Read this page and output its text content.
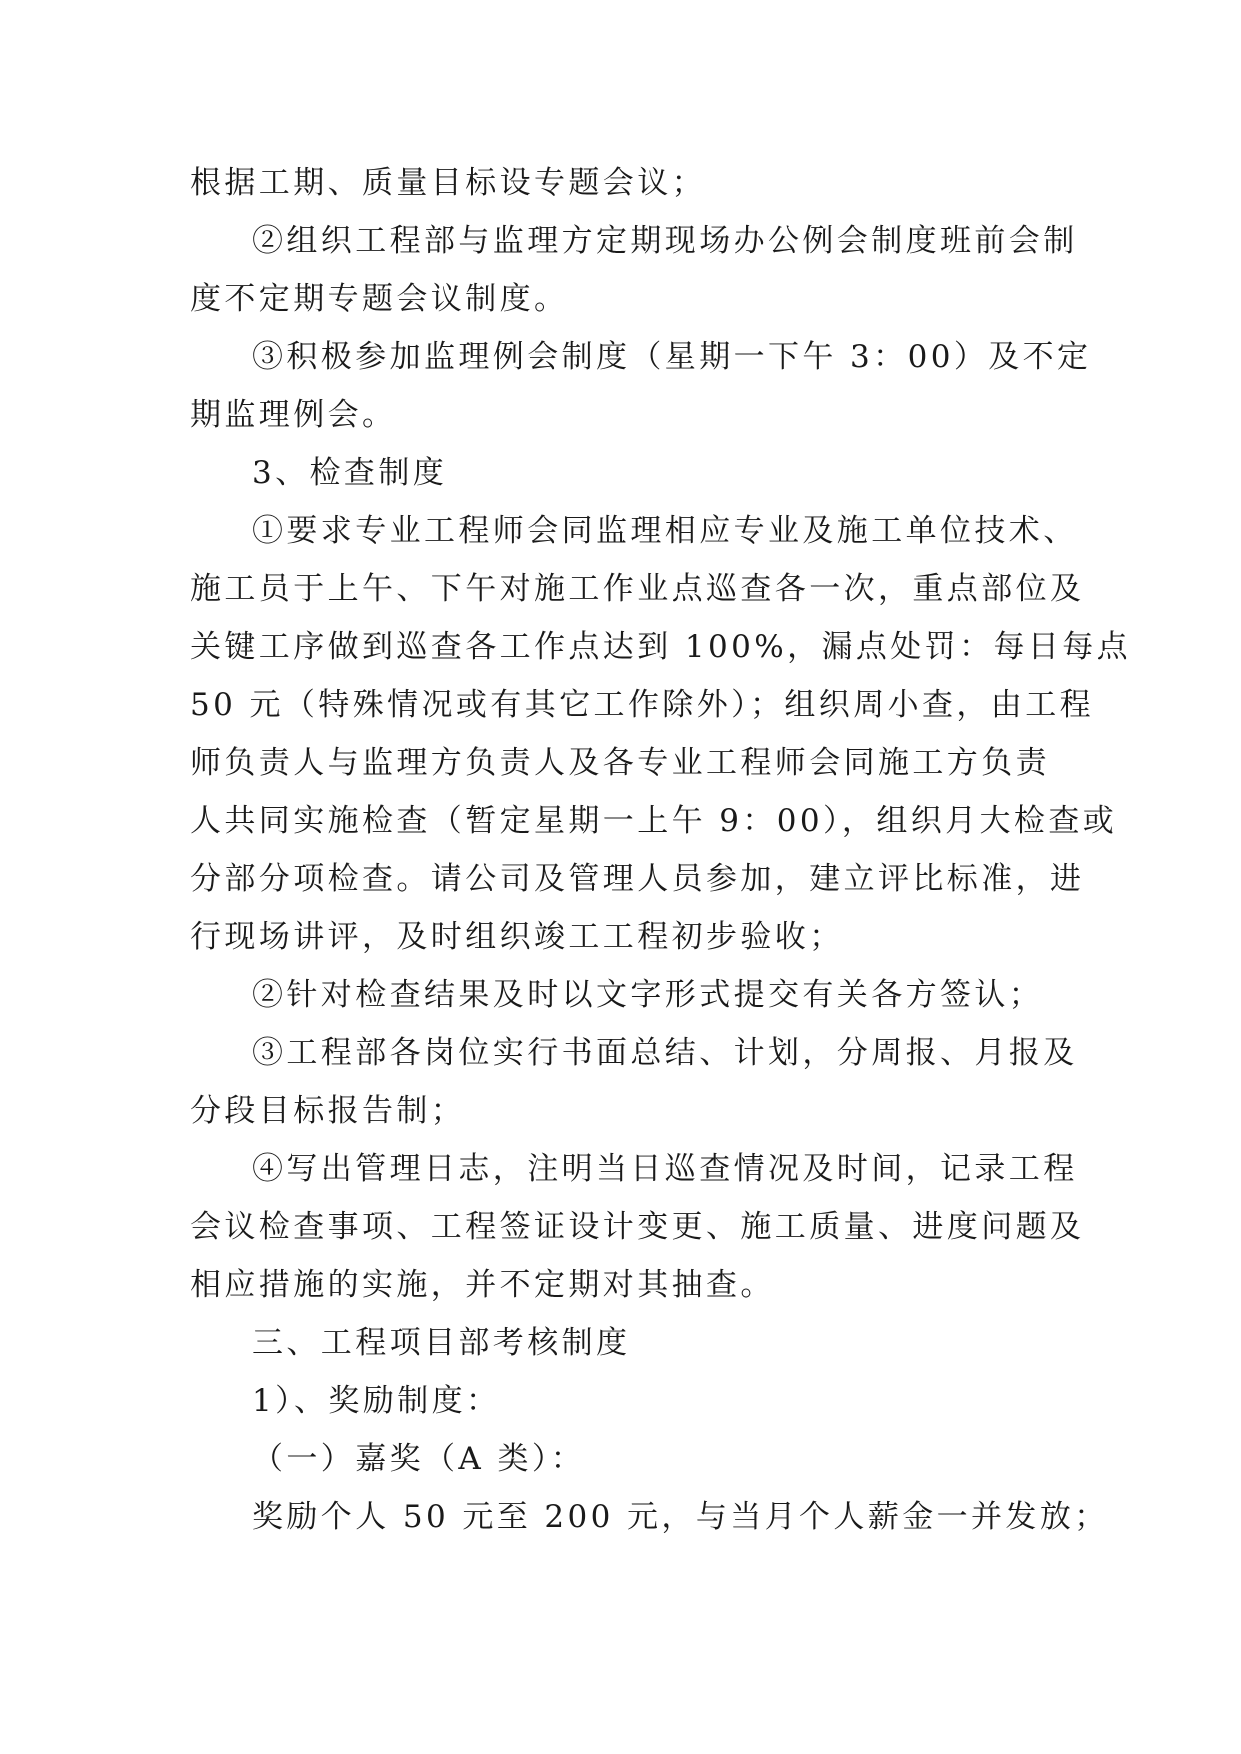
根据工期、质量目标设专题会议；
②组织工程部与监理方定期现场办公例会制度班前会制
度不定期专题会议制度。
③积极参加监理例会制度（星期一下午 3：00）及不定
期监理例会。
3、检查制度
①要求专业工程师会同监理相应专业及施工单位技术、
施工员于上午、下午对施工作业点巡查各一次，重点部位及
关键工序做到巡查各工作点达到 100%，漏点处罚：每日每点
50 元（特殊情况或有其它工作除外）；组织周小查，由工程
师负责人与监理方负责人及各专业工程师会同施工方负责
人共同实施检查（暂定星期一上午 9：00），组织月大检查或
分部分项检查。请公司及管理人员参加，建立评比标准，进
行现场讲评，及时组织竣工工程初步验收；
②针对检查结果及时以文字形式提交有关各方签认；
③工程部各岗位实行书面总结、计划，分周报、月报及
分段目标报告制；
④写出管理日志，注明当日巡查情况及时间，记录工程
会议检查事项、工程签证设计变更、施工质量、进度问题及
相应措施的实施，并不定期对其抽查。
三、工程项目部考核制度
1）、奖励制度：
（一）嘉奖（A 类）：
奖励个人 50 元至 200 元，与当月个人薪金一并发放；
